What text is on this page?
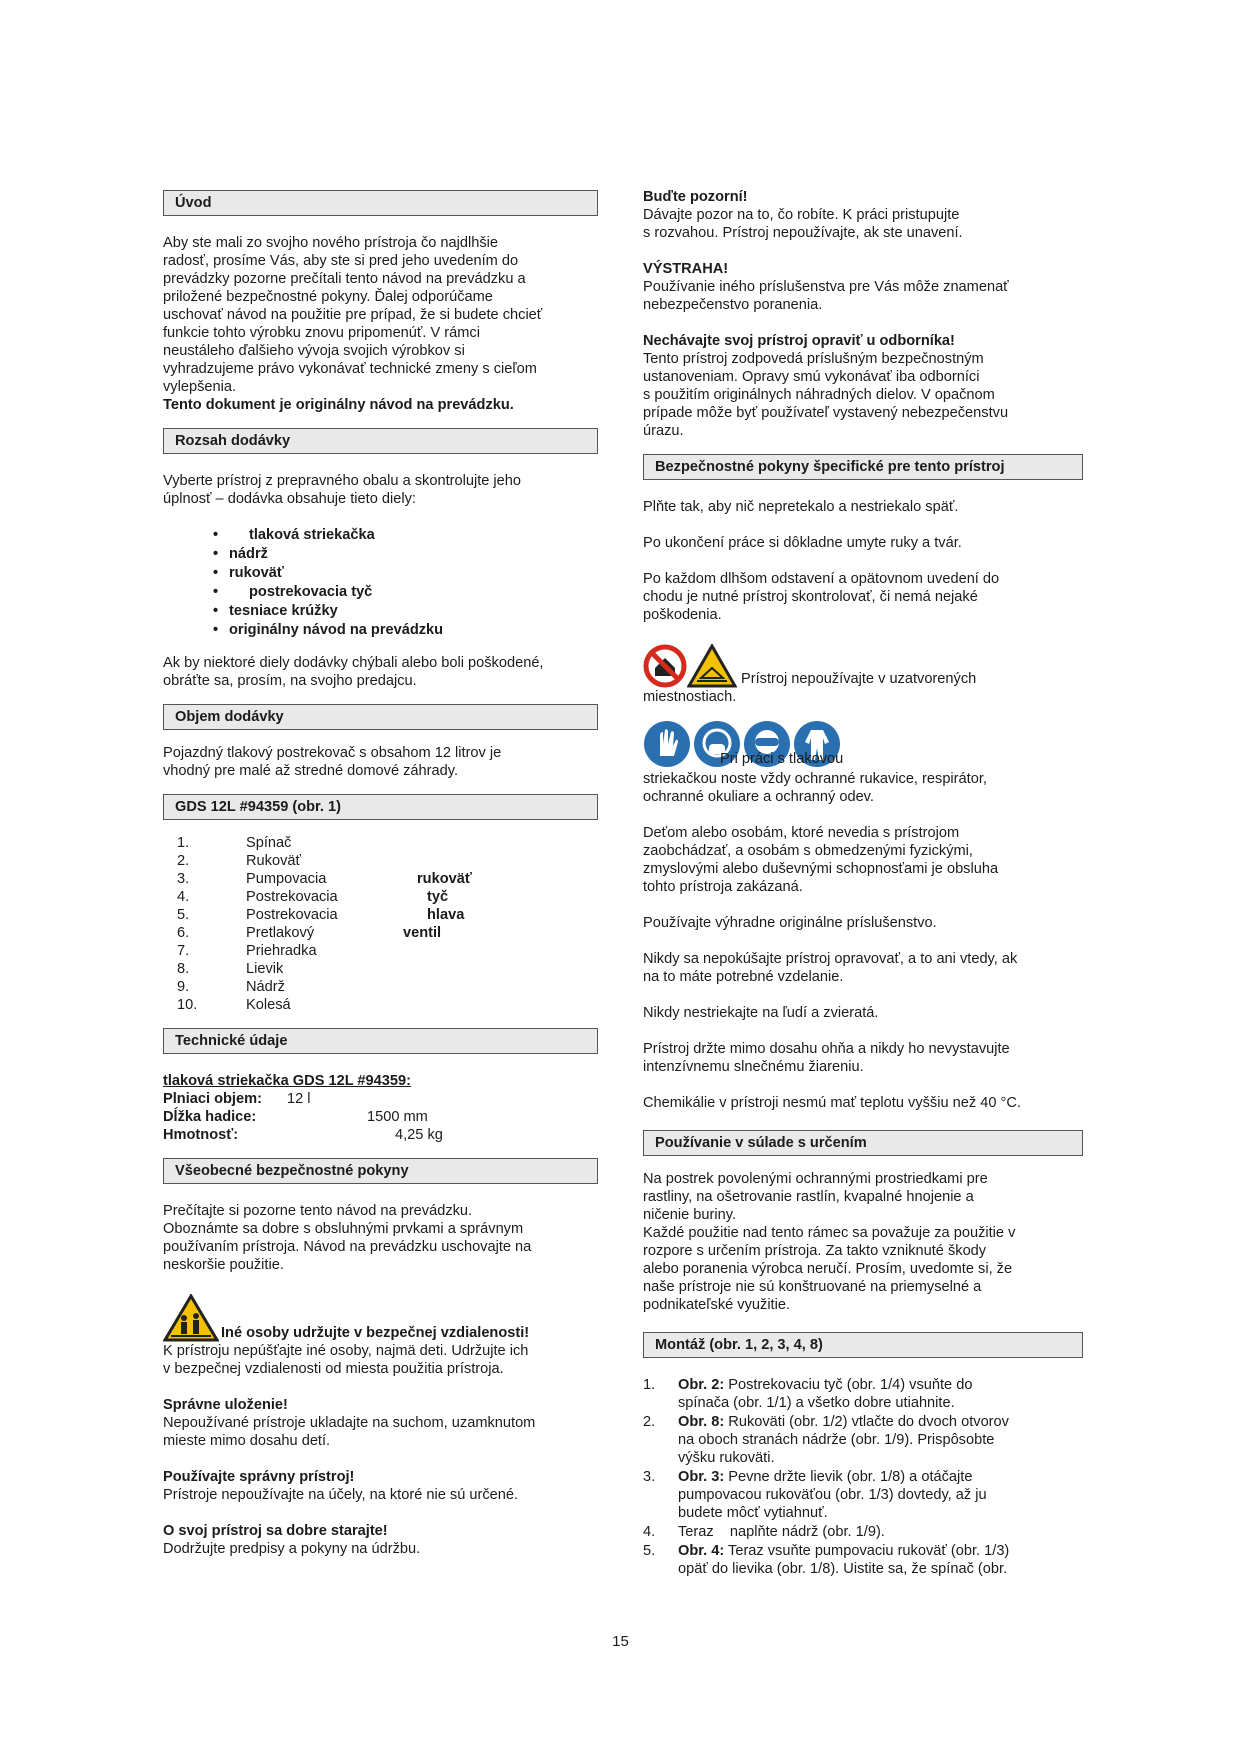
Úvod

Aby ste mali zo svojho nového prístroja čo najdlhšie

radosť, prosíme Vás, aby ste si pred jeho uvedením do

prevádzky pozorne prečítali tento návod na prevádzku a

priložené bezpečnostné pokyny. Ďalej odporúčame

uschovať návod na použitie pre prípad, že si budete chcieť

funkcie tohto výrobku znovu pripomenúť. V rámci

neustáleho ďalšieho vývoja svojich výrobkov si

vyhradzujeme právo vykonávať technické zmeny s cieľom

vylepšenia.

Tento dokument je originálny návod na prevádzku.

Rozsah dodávky

Vyberte prístroj z prepravného obalu a skontrolujte jeho

úplnosť – dodávka obsahuje tieto diely:

• tlaková striekačka
• nádrž
• rukoväť
• postrekovacia tyč
• tesniace krúžky
• originálny návod na prevádzku

Ak by niektoré diely dodávky chýbali alebo boli poškodené,

obráťte sa, prosím, na svojho predajcu.

Objem dodávky

Pojazdný tlakový postrekovač s obsahom 12 litrov je

vhodný pre malé až stredné domové záhrady.

GDS 12L #94359 (obr. 1)
1.	Spínač	
2.	Rukoväť	
3.	Pumpovacia	rukoväť
4.	Postrekovacia	tyč
5.	Postrekovacia	hlava
6.	Pretlakový	ventil
7.	Priehradka	
8.	Lievik	
9.	Nádrž	
10.	Kolesá	
Technické údaje

tlaková striekačka GDS 12L #94359:

Plniaci objem:	12 l
Dĺžka hadice:	1500 mm
Hmotnosť:	4,25 kg
Všeobecné bezpečnostné pokyny

Prečítajte si pozorne tento návod na prevádzku.

Oboznámte sa dobre s obsluhnými prvkami a správnym

používaním prístroja. Návod na prevádzku uschovajte na

neskoršie použitie.

Iné osoby udržujte v bezpečnej vzdialenosti!

K prístroju nepúšťajte iné osoby, najmä deti. Udržujte ich

v bezpečnej vzdialenosti od miesta použitia prístroja.

Správne uloženie!

Nepoužívané prístroje ukladajte na suchom, uzamknutom

mieste mimo dosahu detí.

Používajte správny prístroj!

Prístroje nepoužívajte na účely, na ktoré nie sú určené.

O svoj prístroj sa dobre starajte!

Dodržujte predpisy a pokyny na údržbu.

Buďte pozorní!

Dávajte pozor na to, čo robíte. K práci pristupujte

s rozvahou. Prístroj nepoužívajte, ak ste unavení.

VÝSTRAHA!

Používanie iného príslušenstva pre Vás môže znamenať

nebezpečenstvo poranenia.

Nechávajte svoj prístroj opraviť u odborníka!

Tento prístroj zodpovedá príslušným bezpečnostným

ustanoveniam. Opravy smú vykonávať iba odborníci

s použitím originálnych náhradných dielov. V opačnom

prípade môže byť používateľ vystavený nebezpečenstvu

úrazu.

Bezpečnostné pokyny špecifické pre tento prístroj

Plňte tak, aby nič nepretekalo a nestriekalo späť.

Po ukončení práce si dôkladne umyte ruky a tvár.

Po každom dlhšom odstavení a opätovnom uvedení do

chodu je nutné prístroj skontrolovať, či nemá nejaké

poškodenia.

Prístroj nepoužívajte v uzatvorených

miestnostiach.

Pri práci s tlakovou

striekačkou noste vždy ochranné rukavice, respirátor,

ochranné okuliare a ochranný odev.

Deťom alebo osobám, ktoré nevedia s prístrojom

zaobchádzať, a osobám s obmedzenými fyzickými,

zmyslovými alebo duševnými schopnosťami je obsluha

tohto prístroja zakázaná.

Používajte výhradne originálne príslušenstvo.

Nikdy sa nepokúšajte prístroj opravovať, a to ani vtedy, ak

na to máte potrebné vzdelanie.

Nikdy nestriekajte na ľudí a zvieratá.

Prístroj držte mimo dosahu ohňa a nikdy ho nevystavujte

intenzívnemu slnečnému žiareniu.

Chemikálie v prístroji nesmú mať teplotu vyššiu než 40 °C.

Používanie v súlade s určením

Na postrek povolenými ochrannými prostriedkami pre

rastliny, na ošetrovanie rastlín, kvapalné hnojenie a

ničenie buriny.

Každé použitie nad tento rámec sa považuje za použitie v

rozpore s určením prístroja. Za takto vzniknuté škody

alebo poranenia výrobca neručí. Prosím, uvedomte si, že

naše prístroje nie sú konštruované na priemyselné a

podnikateľské využitie.

Montáž (obr. 1, 2, 3, 4, 8)
1. Obr. 2: Postrekovaciu tyč (obr. 1/4) vsuňte do
spínača (obr. 1/1) a všetko dobre utiahnite.
2. Obr. 8: Rukoväti (obr. 1/2) vtlačte do dvoch otvorov
na oboch stranách nádrže (obr. 1/9). Prispôsobte
výšku rukoväti.
3. Obr. 3: Pevne držte lievik (obr. 1/8) a otáčajte
pumpovacou rukoväťou (obr. 1/3) dovtedy, až ju
budete môcť vytiahnuť.
4. Teraz    naplňte nádrž (obr. 1/9).
5. Obr. 4: Teraz vsuňte pumpovaciu rukoväť (obr. 1/3)
opäť do lievika (obr. 1/8). Uistite sa, že spínač (obr.
15
